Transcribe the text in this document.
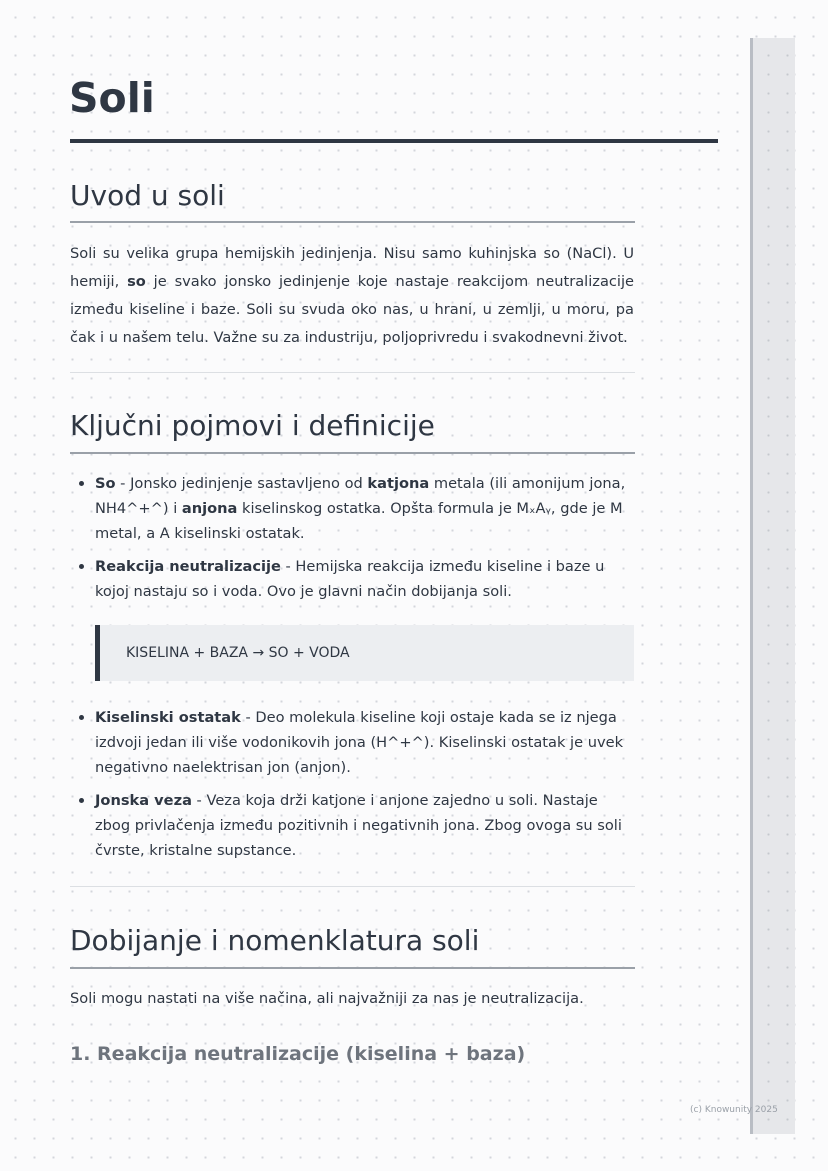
Soli
Uvod u soli

Soli su velika grupa hemijskih jedinjenja. Nisu samo kuhinjska so (NaCl). U hemiji, so je svako jonsko jedinjenje koje nastaje reakcijom neutralizacije između kiseline i baze. Soli su svuda oko nas, u hrani, u zemlji, u moru, pa čak i u našem telu. Važne su za industriju, poljoprivredu i svakodnevni život.

Ključni pojmovi i definicije
So - Jonsko jedinjenje sastavljeno od katjona metala (ili amonijum jona, NH4^+^) i anjona kiselinskog ostatka. Opšta formula je MₓAᵧ, gde je M metal, a A kiselinski ostatak.
Reakcija neutralizacije - Hemijska reakcija između kiseline i baze u kojoj nastaju so i voda. Ovo je glavni način dobijanja soli.
KISELINA + BAZA → SO + VODA
Kiselinski ostatak - Deo molekula kiseline koji ostaje kada se iz njega izdvoji jedan ili više vodonikovih jona (H^+^). Kiselinski ostatak je uvek negativno naelektrisan jon (anjon).
Jonska veza - Veza koja drži katjone i anjone zajedno u soli. Nastaje zbog privlačenja između pozitivnih i negativnih jona. Zbog ovoga su soli čvrste, kristalne supstance.
Dobijanje i nomenklatura soli

Soli mogu nastati na više načina, ali najvažniji za nas je neutralizacija.

1. Reakcija neutralizacije (kiselina + baza)
(c) Knowunity 2025
